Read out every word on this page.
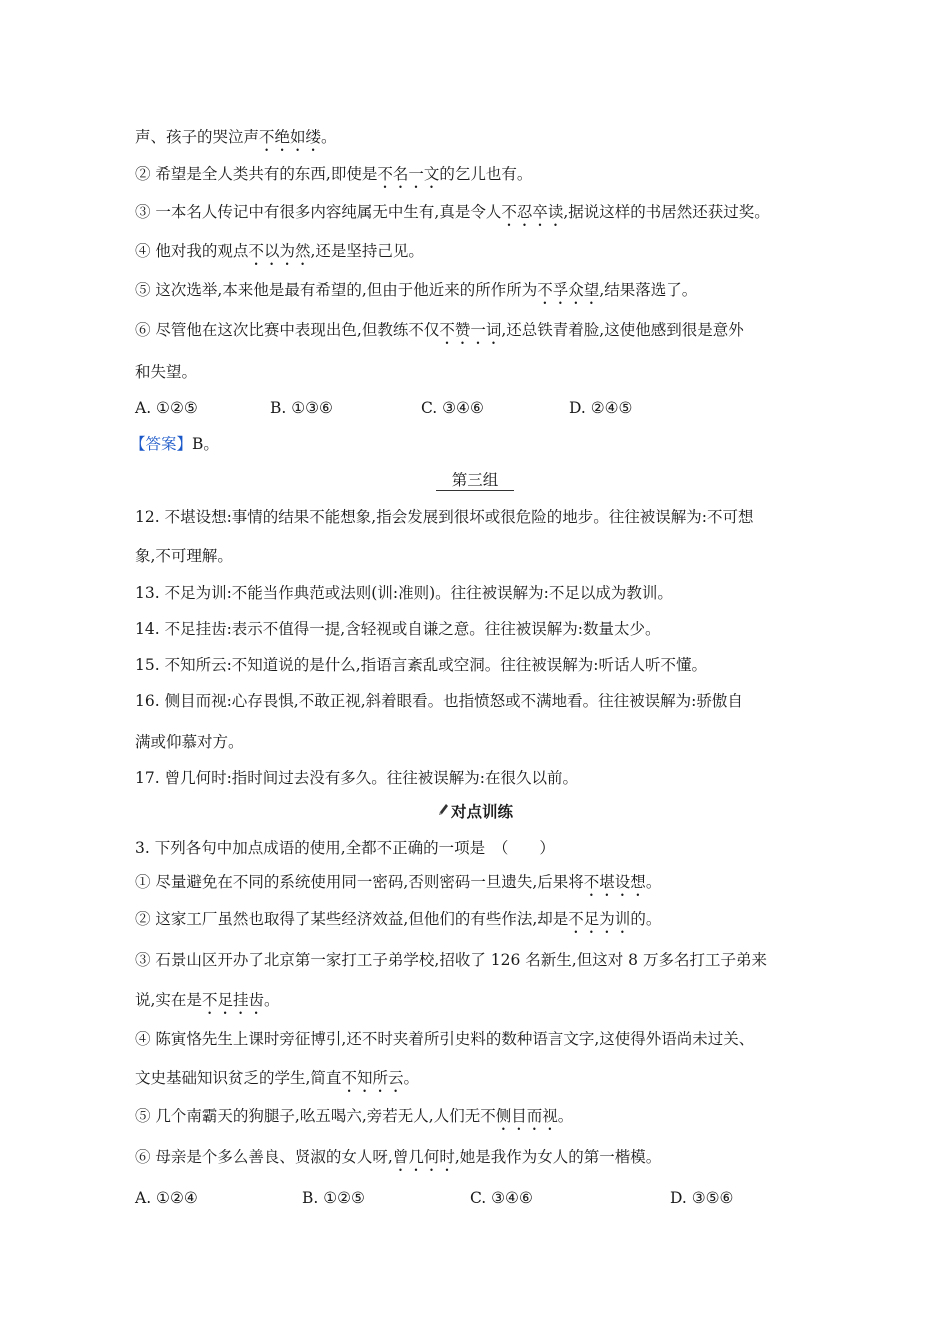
声、孩子的哭泣声不绝如缕。
② 希望是全人类共有的东西,即使是不名一文的乞儿也有。
③ 一本名人传记中有很多内容纯属无中生有,真是令人不忍卒读,据说这样的书居然还获过奖。
④ 他对我的观点不以为然,还是坚持己见。
⑤ 这次选举,本来他是最有希望的,但由于他近来的所作所为不孚众望,结果落选了。
⑥ 尽管他在这次比赛中表现出色,但教练不仅不赞一词,还总铁青着脸,这使他感到很是意外
和失望。
A. ①②⑤	B. ①③⑥	C. ③④⑥	D. ②④⑤
【答案】B。
第三组
12. 不堪设想:事情的结果不能想象,指会发展到很坏或很危险的地步。往往被误解为:不可想
象,不可理解。
13. 不足为训:不能当作典范或法则(训:准则)。往往被误解为:不足以成为教训。
14. 不足挂齿:表示不值得一提,含轻视或自谦之意。往往被误解为:数量太少。
15. 不知所云:不知道说的是什么,指语言紊乱或空洞。往往被误解为:听话人听不懂。
16. 侧目而视:心存畏惧,不敢正视,斜着眼看。也指愤怒或不满地看。往往被误解为:骄傲自
满或仰慕对方。
17. 曾几何时:指时间过去没有多久。往往被误解为:在很久以前。
对点训练
3. 下列各句中加点成语的使用,全都不正确的一项是　（　　）
① 尽量避免在不同的系统使用同一密码,否则密码一旦遗失,后果将不堪设想。
② 这家工厂虽然也取得了某些经济效益,但他们的有些作法,却是不足为训的。
③ 石景山区开办了北京第一家打工子弟学校,招收了 126 名新生,但这对 8 万多名打工子弟来
说,实在是不足挂齿。
④ 陈寅恪先生上课时旁征博引,还不时夹着所引史料的数种语言文字,这使得外语尚未过关、
文史基础知识贫乏的学生,简直不知所云。
⑤ 几个南霸天的狗腿子,吆五喝六,旁若无人,人们无不侧目而视。
⑥ 母亲是个多么善良、贤淑的女人呀,曾几何时,她是我作为女人的第一楷模。
A. ①②④	B. ①②⑤	C. ③④⑥	D. ③⑤⑥
